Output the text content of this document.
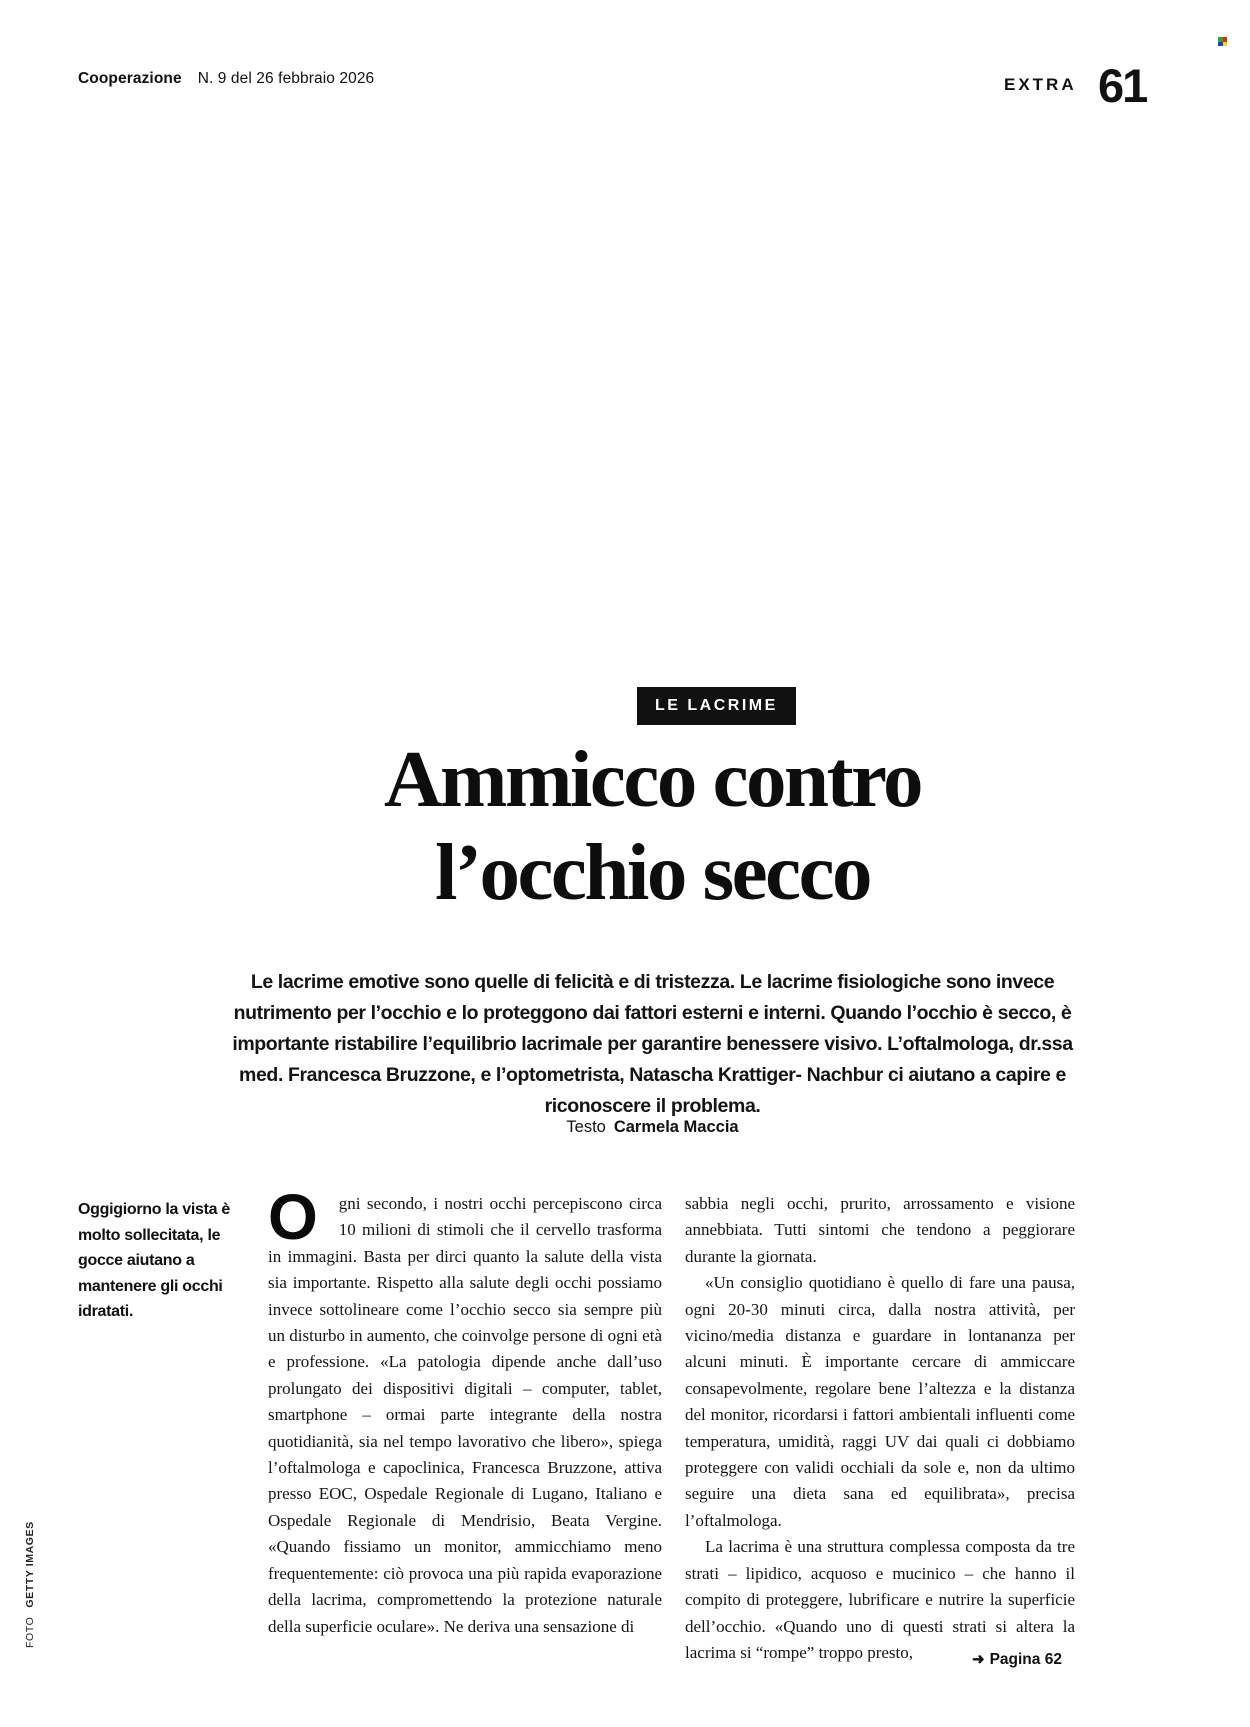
Cooperazione N. 9 del 26 febbraio 2026	EXTRA 61
LE LACRIME
Ammicco contro
l’occhio secco

Le lacrime emotive sono quelle di felicità e di tristezza. Le lacrime fisiologiche sono invece nutrimento per l’occhio e lo proteggono dai fattori esterni e interni. Quando l’occhio è secco, è importante ristabilire l’equilibrio lacrimale per garantire benessere visivo. L’oftalmologa, dr.ssa med. Francesca Bruzzone, e l’optometrista, Natascha Krattiger- Nachbur ci aiutano a capire e riconoscere il problema.

Testo Carmela Maccia
Oggigiorno la vista è molto sollecitata, le gocce aiutano a mantenere gli occhi idratati.

O gni secondo, i nostri occhi percepiscono circa 10 milioni di stimoli che il cervello trasforma in immagini. Basta per dirci quanto la salute della vista sia importante. Rispetto alla salute degli occhi possiamo invece sottolineare come l’occhio secco sia sempre più un disturbo in aumento, che coinvolge persone di ogni età e professione. «La patologia dipende anche dall’uso prolungato dei dispositivi digitali – computer, tablet, smartphone – ormai parte integrante della nostra quotidianità, sia nel tempo lavorativo che libero», spiega l’oftalmologa e capoclinica, Francesca Bruzzone, attiva presso EOC, Ospedale Regionale di Lugano, Italiano e Ospedale Regionale di Mendrisio, Beata Vergine. «Quando fissiamo un monitor, ammicchiamo meno frequentemente: ciò provoca una più rapida evaporazione della lacrima, compromettendo la protezione naturale della superficie oculare». Ne deriva una sensazione di

sabbia negli occhi, prurito, arrossamento e visione annebbiata. Tutti sintomi che tendono a peggiorare durante la giornata.

«Un consiglio quotidiano è quello di fare una pausa, ogni 20-30 minuti circa, dalla nostra attività, per vicino/media distanza e guardare in lontananza per alcuni minuti. È importante cercare di ammiccare consapevolmente, regolare bene l’altezza e la distanza del monitor, ricordarsi i fattori ambientali influenti come temperatura, umidità, raggi UV dai quali ci dobbiamo proteggere con validi occhiali da sole e, non da ultimo seguire una dieta sana ed equilibrata», precisa l’oftalmologa.

La lacrima è una struttura complessa composta da tre strati – lipidico, acquoso e mucinico – che hanno il compito di proteggere, lubrificare e nutrire la superficie dell’occhio. «Quando uno di questi strati si altera la lacrima si “rompe” troppo presto,

FOTOGETTY IMAGES
➜ Pagina 62
